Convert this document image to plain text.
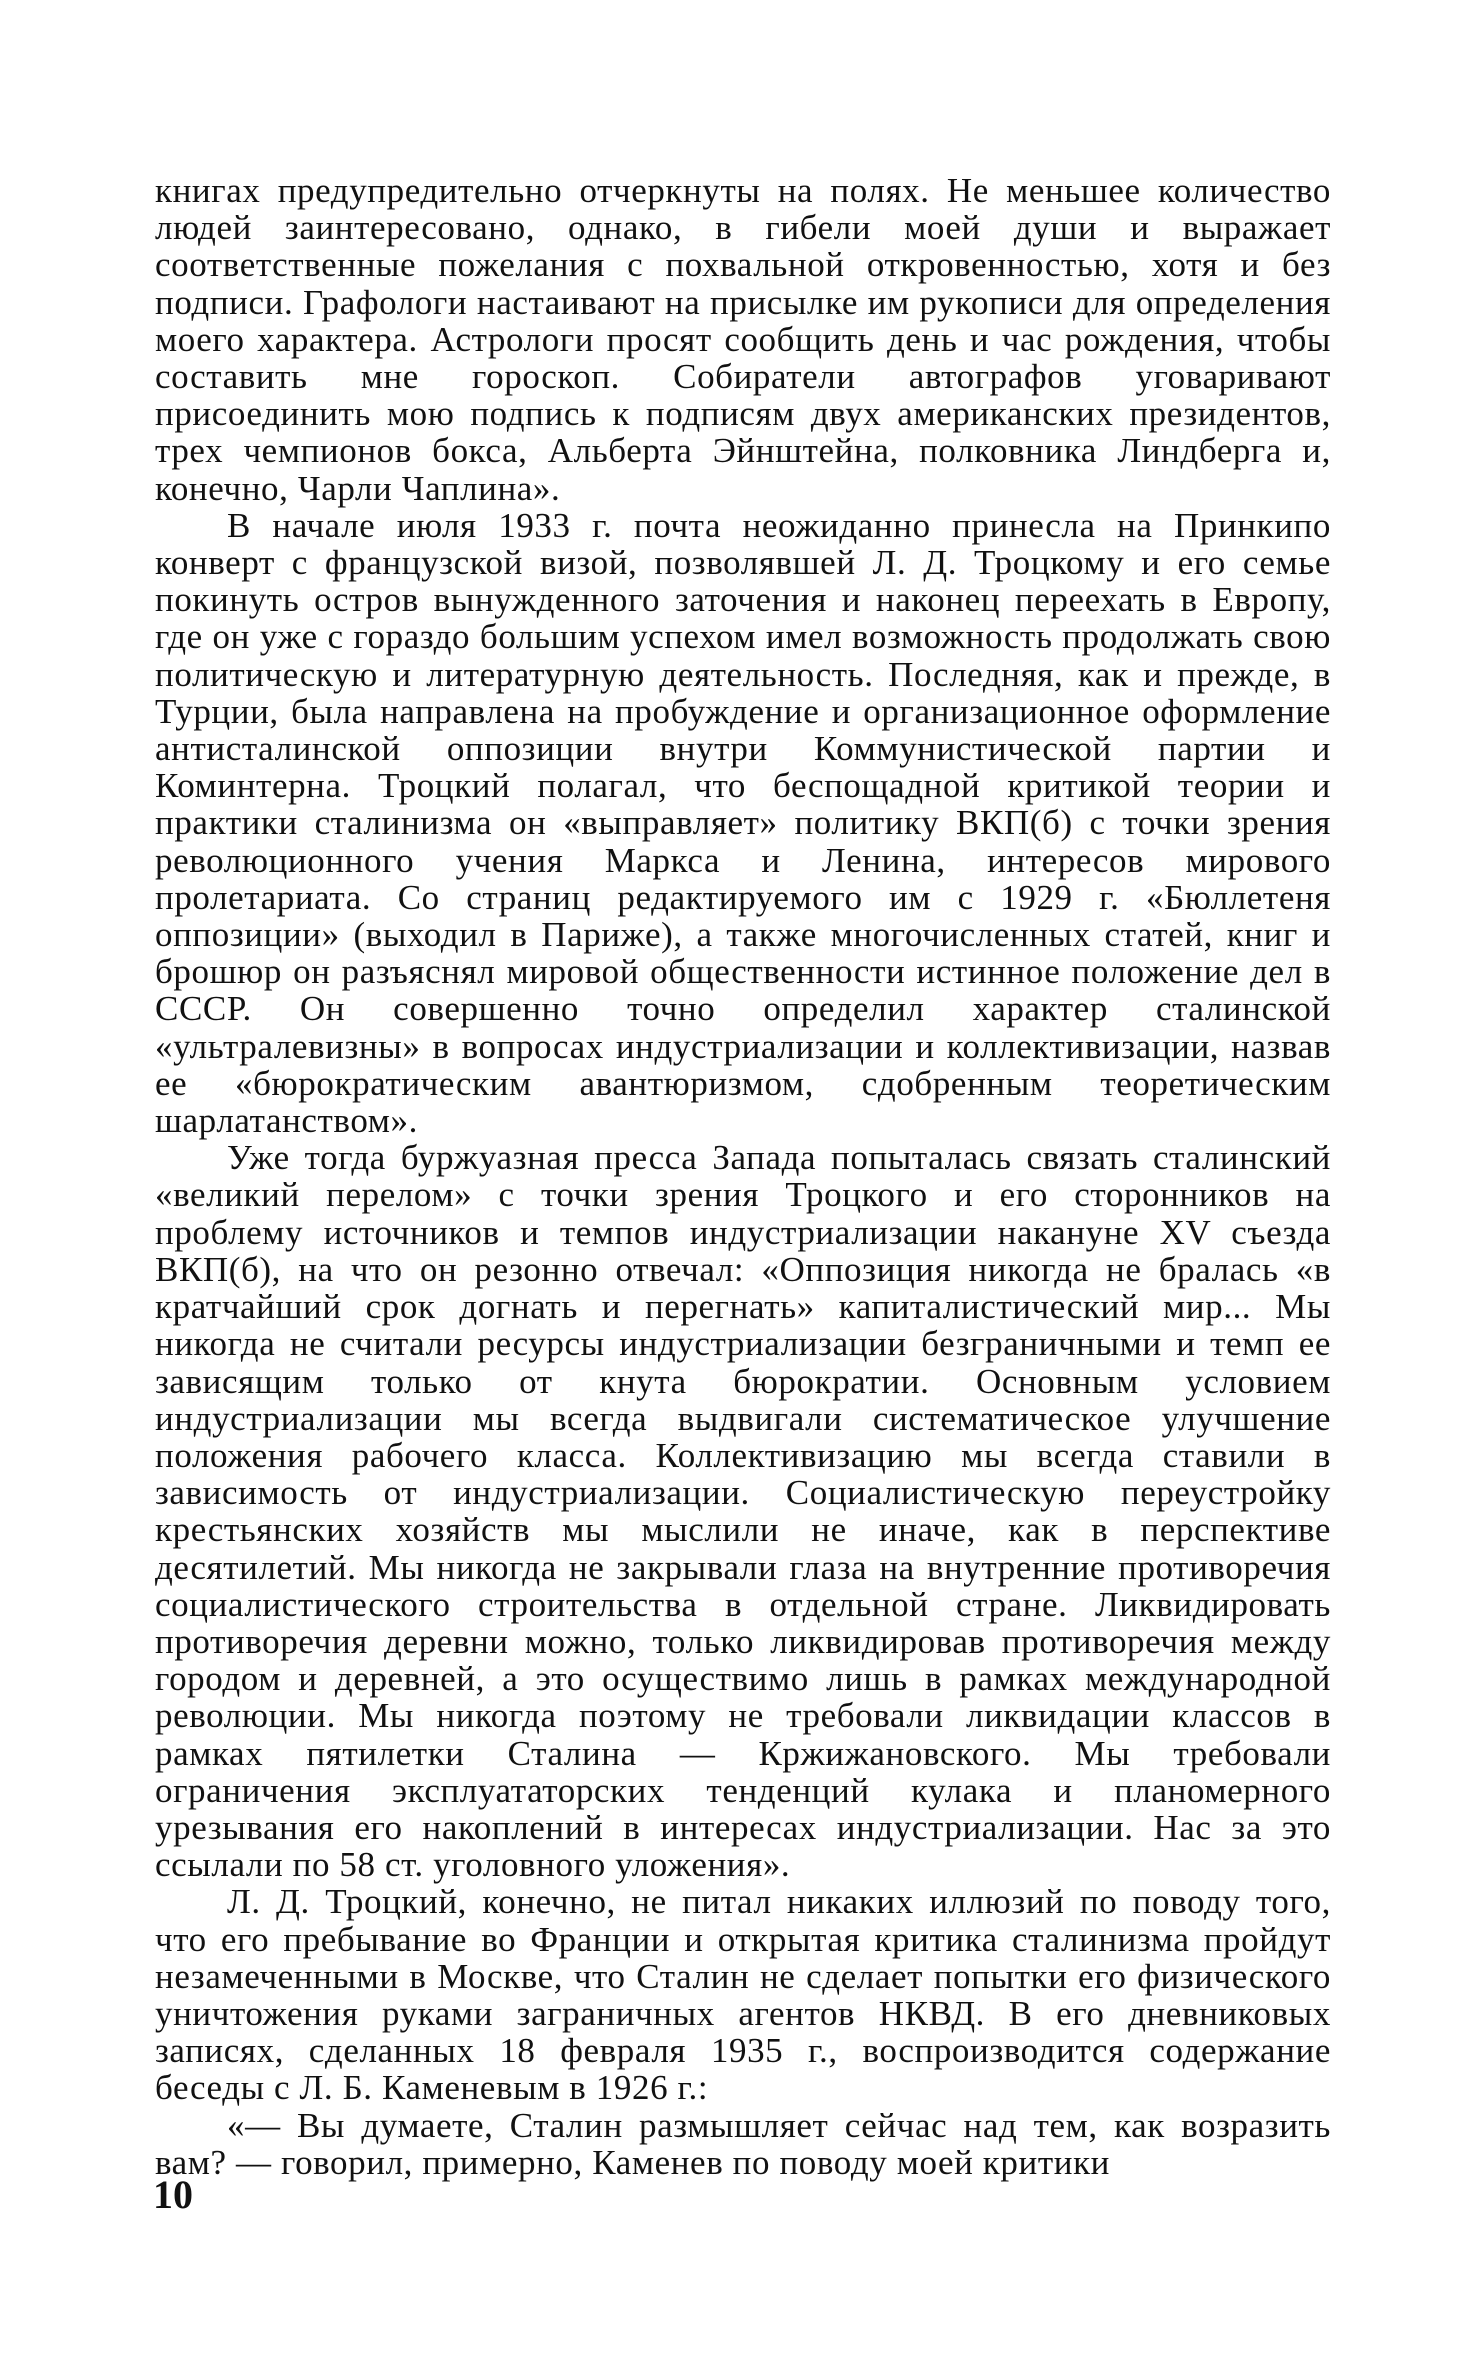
книгах предупредительно отчеркнуты на полях. Не меньшее количество людей заинтересовано, однако, в гибели моей души и выражает соответственные пожелания с похвальной откровенностью, хотя и без подписи. Графологи настаивают на присылке им рукописи для определения моего характера. Астрологи просят сообщить день и час рождения, чтобы составить мне гороскоп. Собиратели автографов уговаривают присоединить мою подпись к подписям двух американских президентов, трех чемпионов бокса, Альберта Эйнштейна, полковника Линдберга и, конечно, Чарли Чаплина».

В начале июля 1933 г. почта неожиданно принесла на Принкипо конверт с французской визой, позволявшей Л. Д. Троцкому и его семье покинуть остров вынужденного заточения и наконец переехать в Европу, где он уже с гораздо большим успехом имел возможность продолжать свою политическую и литературную деятельность. Последняя, как и прежде, в Турции, была направлена на пробуждение и организационное оформление антисталинской оппозиции внутри Коммунистической партии и Коминтерна. Троцкий полагал, что беспощадной критикой теории и практики сталинизма он «выправляет» политику ВКП(б) с точки зрения революционного учения Маркса и Ленина, интересов мирового пролетариата. Со страниц редактируемого им с 1929 г. «Бюллетеня оппозиции» (выходил в Париже), а также многочисленных статей, книг и брошюр он разъяснял мировой общественности истинное положение дел в СССР. Он совершенно точно определил характер сталинской «ультралевизны» в вопросах индустриализации и коллективизации, назвав ее «бюрократическим авантюризмом, сдобренным теоретическим шарлатанством».

Уже тогда буржуазная пресса Запада попыталась связать сталинский «великий перелом» с точки зрения Троцкого и его сторонников на проблему источников и темпов индустриализации накануне XV съезда ВКП(б), на что он резонно отвечал: «Оппозиция никогда не бралась «в кратчайший срок догнать и перегнать» капиталистический мир... Мы никогда не считали ресурсы индустриализации безграничными и темп ее зависящим только от кнута бюрократии. Основным условием индустриализации мы всегда выдвигали систематическое улучшение положения рабочего класса. Коллективизацию мы всегда ставили в зависимость от индустриализации. Социалистическую переустройку крестьянских хозяйств мы мыслили не иначе, как в перспективе десятилетий. Мы никогда не закрывали глаза на внутренние противоречия социалистического строительства в отдельной стране. Ликвидировать противоречия деревни можно, только ликвидировав противоречия между городом и деревней, а это осуществимо лишь в рамках международной революции. Мы никогда поэтому не требовали ликвидации классов в рамках пятилетки Сталина — Кржижановского. Мы требовали ограничения эксплуататорских тенденций кулака и планомерного урезывания его накоплений в интересах индустриализации. Нас за это ссылали по 58 ст. уголовного уложения».

Л. Д. Троцкий, конечно, не питал никаких иллюзий по поводу того, что его пребывание во Франции и открытая критика сталинизма пройдут незамеченными в Москве, что Сталин не сделает попытки его физического уничтожения руками заграничных агентов НКВД. В его дневниковых записях, сделанных 18 февраля 1935 г., воспроизводится содержание беседы с Л. Б. Каменевым в 1926 г.:

«— Вы думаете, Сталин размышляет сейчас над тем, как возразить вам? — говорил, примерно, Каменев по поводу моей критики

10
